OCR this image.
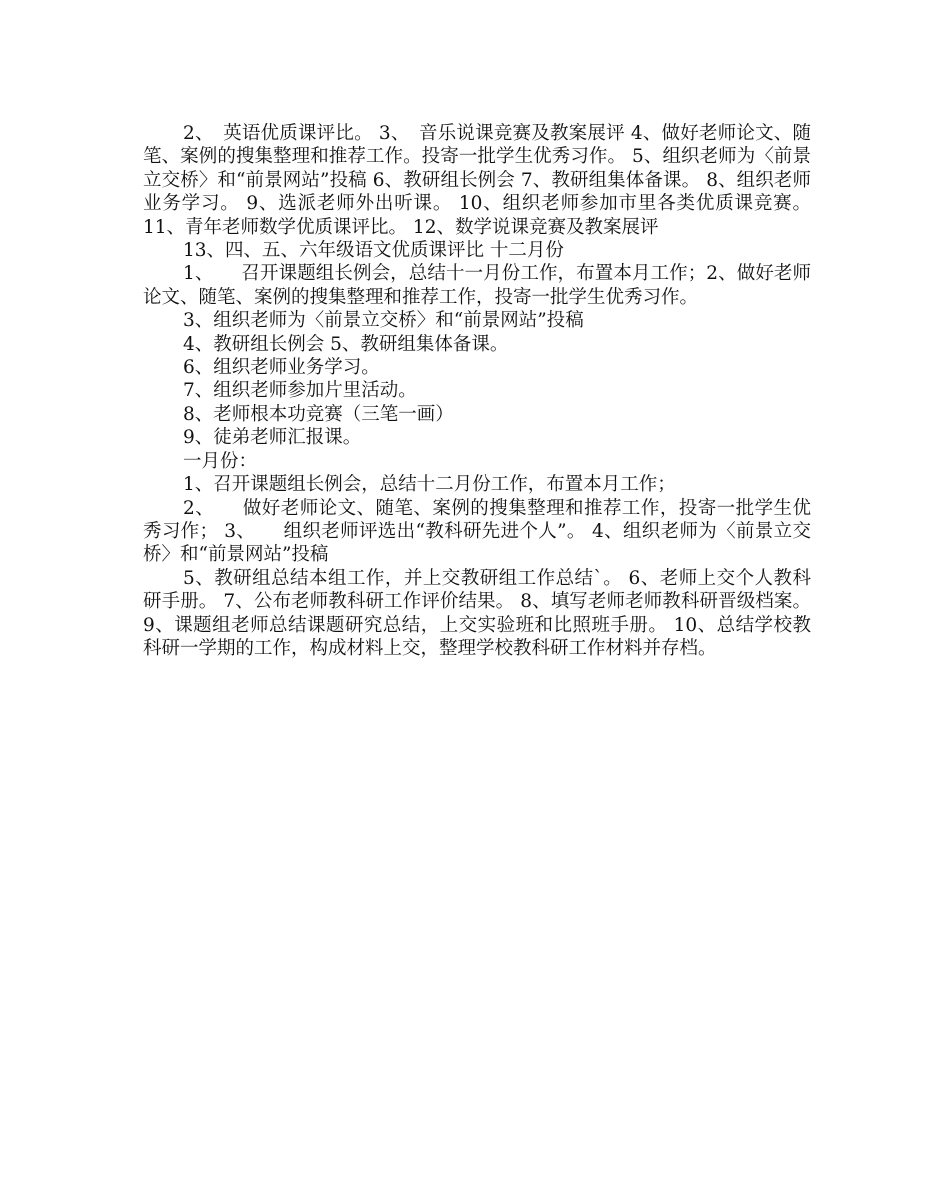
2、　英语优质课评比。 3、　音乐说课竞赛及教案展评 4、做好老师论文、随笔、案例的搜集整理和推荐工作。投寄一批学生优秀习作。 5、组织老师为〈前景立交桥〉和“前景网站”投稿 6、教研组长例会 7、教研组集体备课。 8、组织老师业务学习。 9、选派老师外出听课。 10、组织老师参加市里各类优质课竞赛。 11、青年老师数学优质课评比。 12、数学说课竞赛及教案展评

13、四、五、六年级语文优质课评比 十二月份

1、　　召开课题组长例会，总结十一月份工作，布置本月工作；2、做好老师论文、随笔、案例的搜集整理和推荐工作，投寄一批学生优秀习作。

3、组织老师为〈前景立交桥〉和“前景网站”投稿

4、教研组长例会 5、教研组集体备课。

6、组织老师业务学习。

7、组织老师参加片里活动。

8、老师根本功竞赛（三笔一画）

9、徒弟老师汇报课。

一月份：

1、召开课题组长例会，总结十二月份工作，布置本月工作；

2、　　做好老师论文、随笔、案例的搜集整理和推荐工作，投寄一批学生优秀习作； 3、　　组织老师评选出“教科研先进个人”。 4、组织老师为〈前景立交桥〉和“前景网站”投稿

5、教研组总结本组工作，并上交教研组工作总结`。 6、老师上交个人教科研手册。 7、公布老师教科研工作评价结果。 8、填写老师老师教科研晋级档案。 9、课题组老师总结课题研究总结，上交实验班和比照班手册。 10、总结学校教科研一学期的工作，构成材料上交，整理学校教科研工作材料并存档。
